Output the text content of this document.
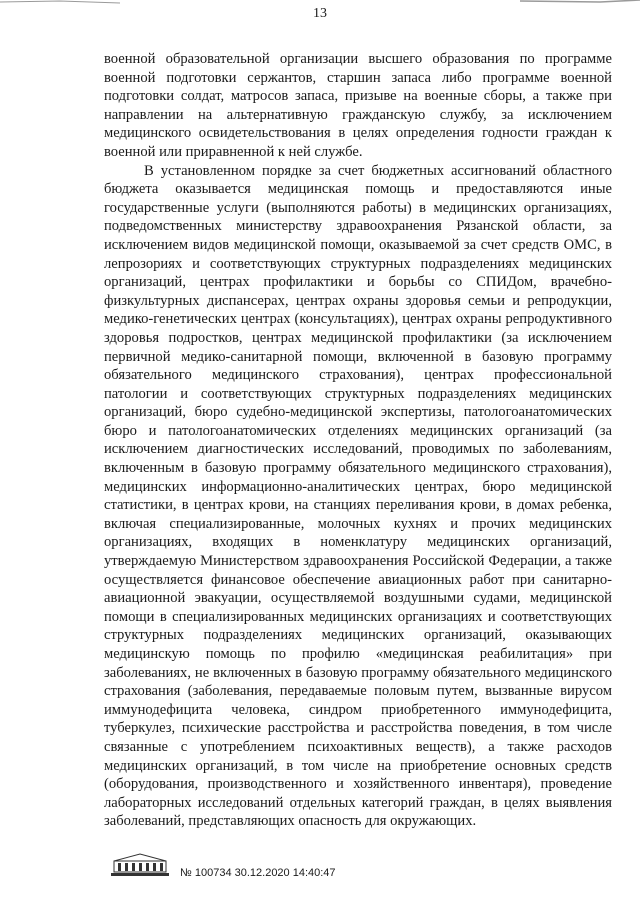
13

военной образовательной организации высшего образования по программе военной подготовки сержантов, старшин запаса либо программе военной подготовки солдат, матросов запаса, призыве на военные сборы, а также при направлении на альтернативную гражданскую службу, за исключением медицинского освидетельствования в целях определения годности граждан к военной или приравненной к ней службе.

В установленном порядке за счет бюджетных ассигнований областного бюджета оказывается медицинская помощь и предоставляются иные государственные услуги (выполняются работы) в медицинских организациях, подведомственных министерству здравоохранения Рязанской области, за исключением видов медицинской помощи, оказываемой за счет средств ОМС, в лепрозориях и соответствующих структурных подразделениях медицинских организаций, центрах профилактики и борьбы со СПИДом, врачебно-физкультурных диспансерах, центрах охраны здоровья семьи и репродукции, медико-генетических центрах (консультациях), центрах охраны репродуктивного здоровья подростков, центрах медицинской профилактики (за исключением первичной медико-санитарной помощи, включенной в базовую программу обязательного медицинского страхования), центрах профессиональной патологии и соответствующих структурных подразделениях медицинских организаций, бюро судебно-медицинской экспертизы, патологоанатомических бюро и патологоанатомических отделениях медицинских организаций (за исключением диагностических исследований, проводимых по заболеваниям, включенным в базовую программу обязательного медицинского страхования), медицинских информационно-аналитических центрах, бюро медицинской статистики, в центрах крови, на станциях переливания крови, в домах ребенка, включая специализированные, молочных кухнях и прочих медицинских организациях, входящих в номенклатуру медицинских организаций, утверждаемую Министерством здравоохранения Российской Федерации, а также осуществляется финансовое обеспечение авиационных работ при санитарно-авиационной эвакуации, осуществляемой воздушными судами, медицинской помощи в специализированных медицинских организациях и соответствующих структурных подразделениях медицинских организаций, оказывающих медицинскую помощь по профилю «медицинская реабилитация» при заболеваниях, не включенных в базовую программу обязательного медицинского страхования (заболевания, передаваемые половым путем, вызванные вирусом иммунодефицита человека, синдром приобретенного иммунодефицита, туберкулез, психические расстройства и расстройства поведения, в том числе связанные с употреблением психоактивных веществ), а также расходов медицинских организаций, в том числе на приобретение основных средств (оборудования, производственного и хозяйственного инвентаря), проведение лабораторных исследований отдельных категорий граждан, в целях выявления заболеваний, представляющих опасность для окружающих.

№ 100734 30.12.2020 14:40:47
